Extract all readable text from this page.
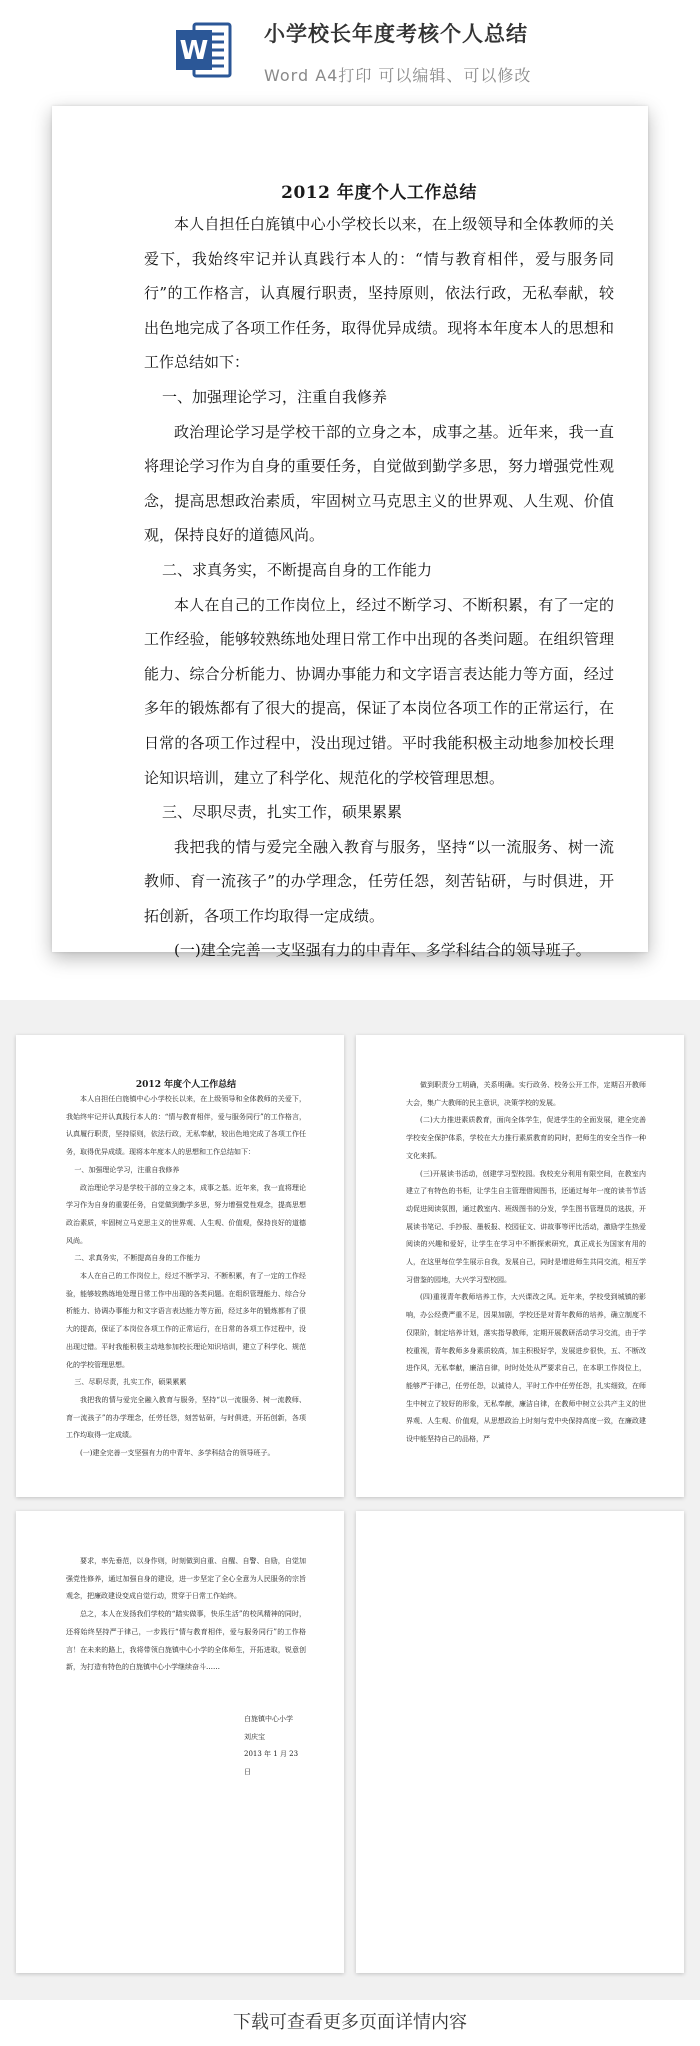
W
小学校长年度考核个人总结
Word A4打印 可以编辑、可以修改
2012 年度个人工作总结

本人自担任白旄镇中心小学校长以来，在上级领导和全体教师的关爱下，我始终牢记并认真践行本人的：“情与教育相伴，爱与服务同行”的工作格言，认真履行职责，坚持原则，依法行政，无私奉献，较出色地完成了各项工作任务，取得优异成绩。现将本年度本人的思想和工作总结如下：

一、加强理论学习，注重自我修养

政治理论学习是学校干部的立身之本，成事之基。近年来，我一直将理论学习作为自身的重要任务，自觉做到勤学多思，努力增强党性观念，提高思想政治素质，牢固树立马克思主义的世界观、人生观、价值观，保持良好的道德风尚。

二、求真务实，不断提高自身的工作能力

本人在自己的工作岗位上，经过不断学习、不断积累，有了一定的工作经验，能够较熟练地处理日常工作中出现的各类问题。在组织管理能力、综合分析能力、协调办事能力和文字语言表达能力等方面，经过多年的锻炼都有了很大的提高，保证了本岗位各项工作的正常运行，在日常的各项工作过程中，没出现过错。平时我能积极主动地参加校长理论知识培训，建立了科学化、规范化的学校管理思想。

三、尽职尽责，扎实工作，硕果累累

我把我的情与爱完全融入教育与服务，坚持“以一流服务、树一流教师、育一流孩子”的办学理念，任劳任怨，刻苦钻研，与时俱进，开拓创新，各项工作均取得一定成绩。

(一)建全完善一支坚强有力的中青年、多学科结合的领导班子。

2012 年度个人工作总结

本人自担任白旄镇中心小学校长以来，在上级领导和全体教师的关爱下，我始终牢记并认真践行本人的：“情与教育相伴，爱与服务同行”的工作格言，认真履行职责，坚持原则，依法行政，无私奉献，较出色地完成了各项工作任务，取得优异成绩。现将本年度本人的思想和工作总结如下：

一、加强理论学习，注重自我修养

政治理论学习是学校干部的立身之本，成事之基。近年来，我一直将理论学习作为自身的重要任务，自觉做到勤学多思，努力增强党性观念，提高思想政治素质，牢固树立马克思主义的世界观、人生观、价值观，保持良好的道德风尚。

二、求真务实，不断提高自身的工作能力

本人在自己的工作岗位上，经过不断学习、不断积累，有了一定的工作经验，能够较熟练地处理日常工作中出现的各类问题。在组织管理能力、综合分析能力、协调办事能力和文字语言表达能力等方面，经过多年的锻炼都有了很大的提高，保证了本岗位各项工作的正常运行，在日常的各项工作过程中，没出现过错。平时我能积极主动地参加校长理论知识培训，建立了科学化、规范化的学校管理思想。

三、尽职尽责，扎实工作，硕果累累

我把我的情与爱完全融入教育与服务，坚持“以一流服务、树一流教师、育一流孩子”的办学理念，任劳任怨，刻苦钻研，与时俱进，开拓创新，各项工作均取得一定成绩。

(一)建全完善一支坚强有力的中青年、多学科结合的领导班子。

做到职责分工明确，关系明确。实行政务、校务公开工作，定期召开教师大会，集广大教师的民主意识，决策学校的发展。

(二)大力推进素质教育，面向全体学生，促进学生的全面发展，建全完善学校安全保护体系，学校在大力推行素质教育的同时，把师生的安全当作一种文化来抓。

(三)开展读书活动，创建学习型校园。我校充分利用有限空间，在教室内建立了有特色的书柜，让学生自主管理借阅图书，还通过每年一度的读书节活动促进阅读氛围，通过教室内、班级图书的分发，学生图书管理员的选拔，开展读书笔记、手抄报、墨板报、校园征文、讲故事等评比活动，激励学生热爱阅读的兴趣和爱好，让学生在学习中不断探索研究，真正成长为国家有用的人，在这里每位学生展示自我，发展自己，同时是增进师生共同交流，相互学习借鉴的园地，大兴学习型校园。

(四)重视青年教师培养工作，大兴课改之风。近年来，学校受到城镇的影响，办公经费严重不足，因果加剧，学校还是对青年教师的培养，确立制度不仅限阶，制定培养计划，落实指导教师，定期开展教研活动学习交流，由于学校重视，青年教师多身素质较高，加主积极好学，发展进步很快，五、不断改进作风，无私奉献，廉洁自律，时时处处从严要求自己，在本职工作岗位上，能够严于律己，任劳任怨，以诚待人，平时工作中任劳任怨，扎实细致，在师生中树立了较好的形象，无私奉献，廉洁自律，在教师中树立公共产主义的世界观、人生观、价值观，从思想政治上时刻与党中央保持高度一致，在廉政建设中能坚持自己的品格，严

要求，率先垂范，以身作则，时刻做到自重、自醒、自警、自励，自觉加强党性修养，通过加强自身的建设，进一步坚定了全心全意为人民服务的宗旨观念，把廉政建设变成自觉行动，贯穿于日常工作始终。

总之，本人在发扬我们学校的“踏实做事，快乐生活”的校风精神的同时，还将始终坚持严于律己，一步践行“情与教育相伴，爱与服务同行”的工作格言！在未来的路上，我将带领白旄镇中心小学的全体师生，开拓进取，锐意创新，为打造有特色的白旄镇中心小学继续奋斗……

白旄镇中心小学

刘庆宝

2013 年 1 月 23 日

下载可查看更多页面详情内容
